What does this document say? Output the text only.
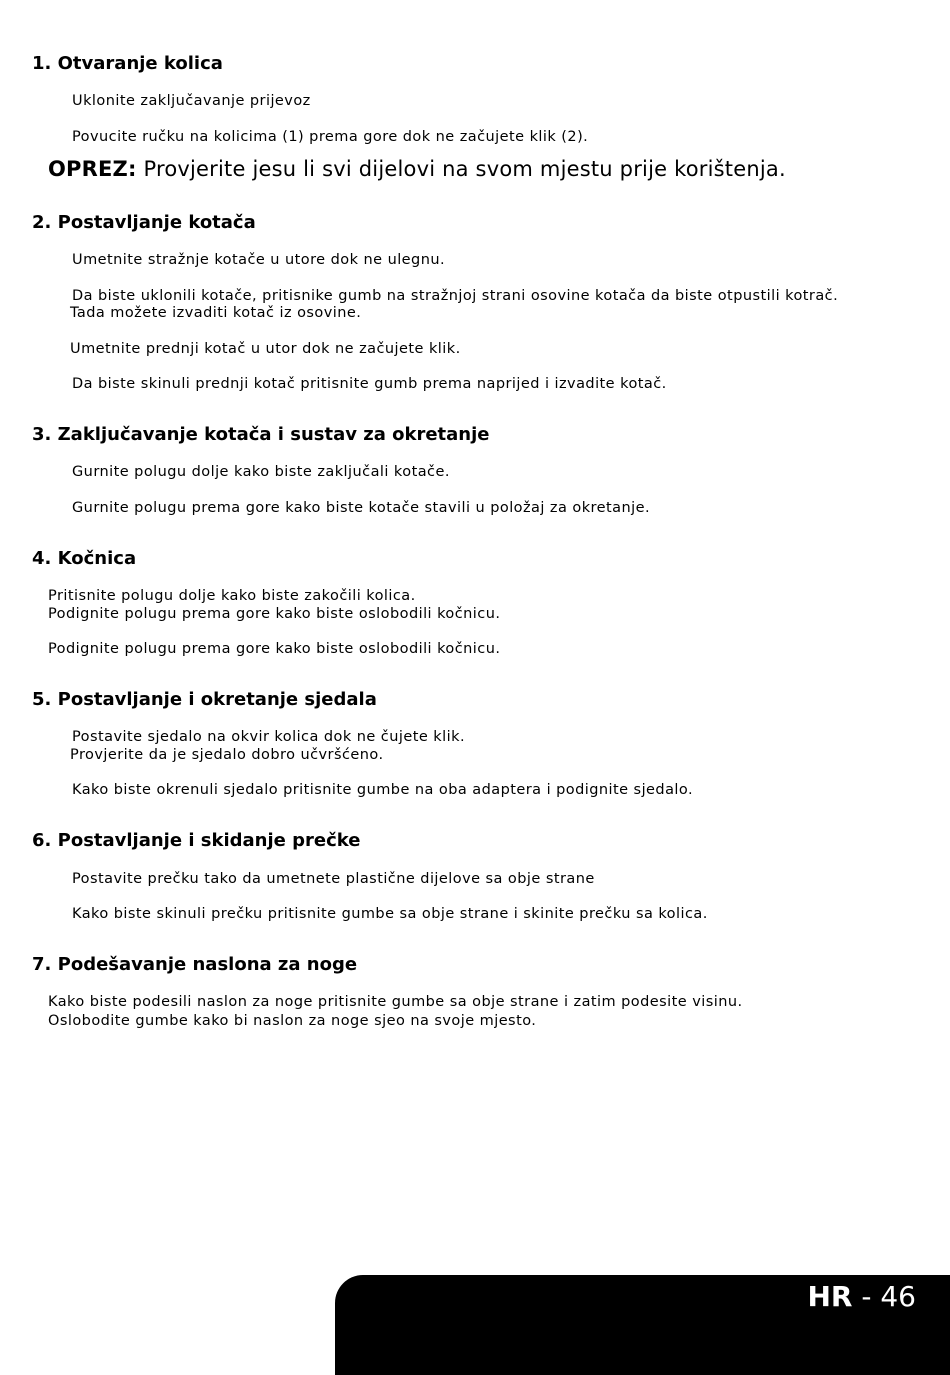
1. Otvaranje kolica
Uklonite zaključavanje prijevoz
Povucite ručku na kolicima (1) prema gore dok ne začujete klik (2).
OPREZ: Provjerite jesu li svi dijelovi na svom mjestu prije korištenja.
2. Postavljanje kotača
Umetnite stražnje kotače u utore dok ne ulegnu.
Da biste uklonili kotače, pritisnike gumb na stražnjoj strani osovine kotača da biste otpustili kotrač.
Tada možete izvaditi kotač iz osovine.
Umetnite prednji kotač u utor dok ne začujete klik.
Da biste skinuli prednji kotač pritisnite gumb prema naprijed i izvadite kotač.
3. Zaključavanje kotača i sustav za okretanje
Gurnite polugu dolje kako biste zaključali kotače.
Gurnite polugu prema gore kako biste kotače stavili u položaj za okretanje.
4. Kočnica
Pritisnite polugu dolje kako biste zakočili kolica.
Podignite polugu prema gore kako biste oslobodili kočnicu.
Podignite polugu prema gore kako biste oslobodili kočnicu.
5. Postavljanje i okretanje sjedala
Postavite sjedalo na okvir kolica dok ne čujete klik.
Provjerite da je sjedalo dobro učvršćeno.
Kako biste okrenuli sjedalo pritisnite gumbe na oba adaptera i podignite sjedalo.
6. Postavljanje i skidanje prečke
Postavite prečku tako da umetnete plastične dijelove sa obje strane
Kako biste skinuli prečku pritisnite gumbe sa obje strane i skinite prečku sa kolica.
7. Podešavanje naslona za noge
Kako biste podesili naslon za noge pritisnite gumbe sa obje strane i zatim podesite visinu.
Oslobodite gumbe kako bi naslon za noge sjeo na svoje mjesto.
HR - 46
